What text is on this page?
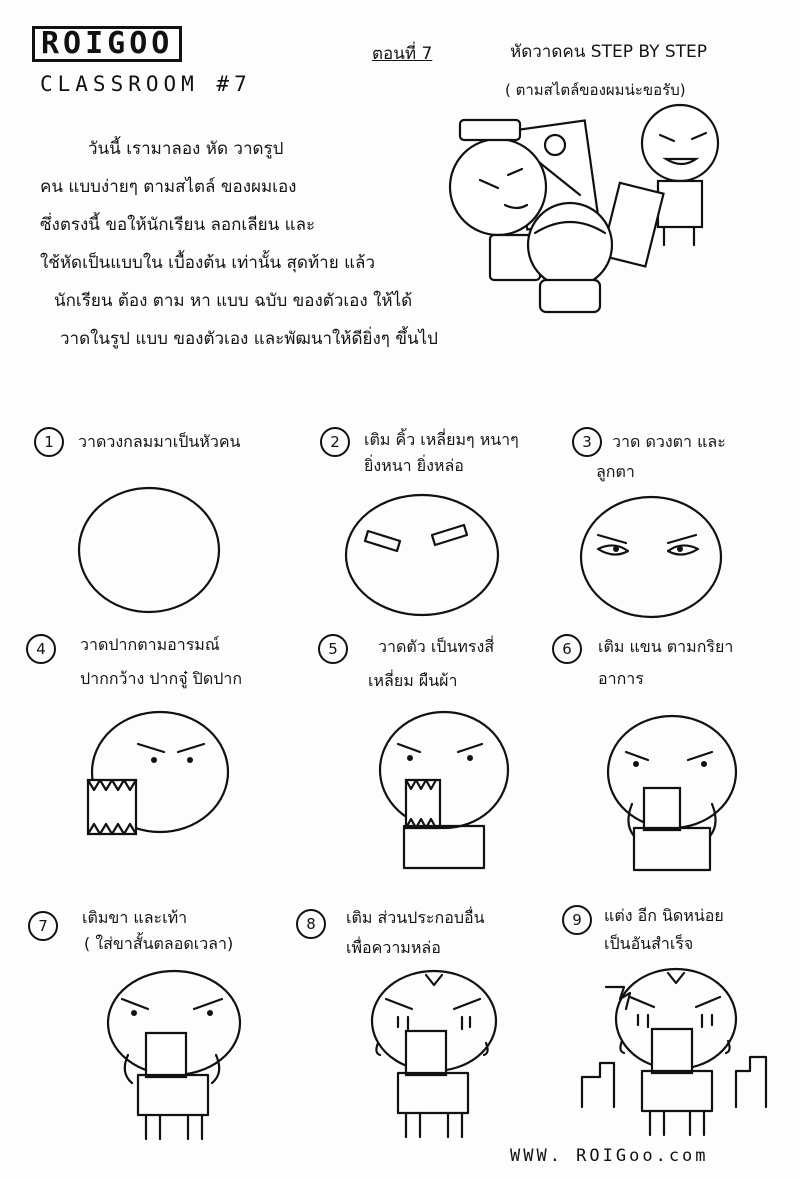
ROIGOO
CLASSROOM #7
ตอนที่ 7	หัดวาดคน STEP BY STEP
( ตามสไตล์ของผมน่ะขอรับ)

วันนี้ เรามาลอง หัด วาดรูป

คน แบบง่ายๆ ตามสไตล์ ของผมเอง

ซึ่งตรงนี้ ขอให้นักเรียน ลอกเลียน และ

ใช้หัดเป็นแบบใน เบื้องต้น เท่านั้น สุดท้าย แล้ว

นักเรียน ต้อง ตาม หา แบบ ฉบับ ของตัวเอง ให้ได้

วาดในรูป แบบ ของตัวเอง และพัฒนาให้ดียิ่งๆ ขึ้นไป

1	วาดวงกลมมาเป็นหัวคน	2	เติม คิ้ว เหลี่ยมๆ หนาๆ
ยิ่งหนา ยิ่งหล่อ
3	วาด ดวงตา และ
ลูกตา
4	วาดปากตามอารมณ์
ปากกว้าง ปากจู๋ ปิดปาก
5	วาดตัว เป็นทรงสี่
เหลี่ยม ผืนผ้า
6	เติม แขน ตามกริยา
อาการ
7	เติมขา และเท้า
( ใส่ขาสั้นตลอดเวลา)
8	เติม ส่วนประกอบอื่น
เพื่อความหล่อ
9	แต่ง อีก นิดหน่อย
เป็นอันสำเร็จ
WWW. ROIGoo.com
